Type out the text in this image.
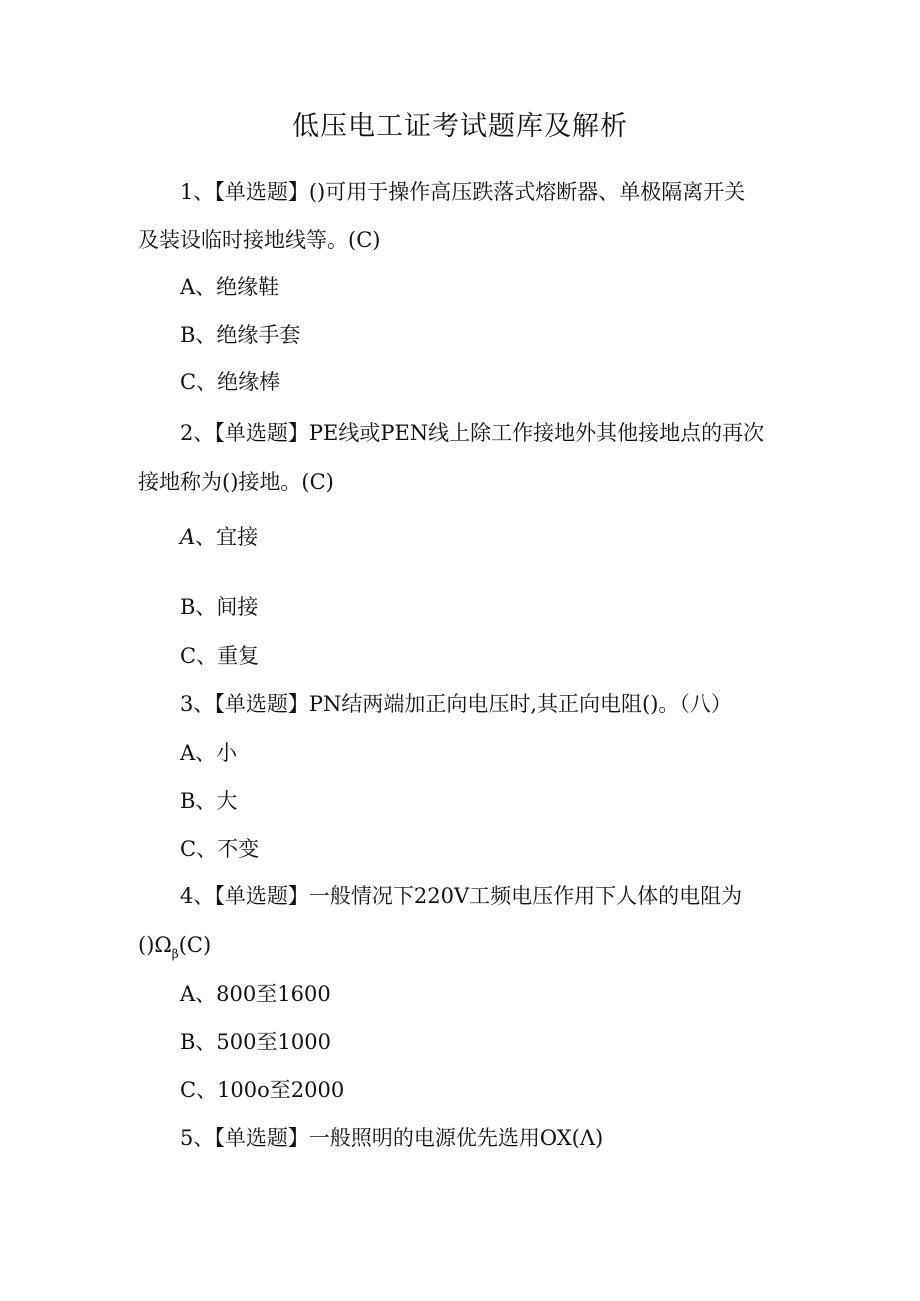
低压电工证考试题库及解析
1、【单选题】()可用于操作高压跌落式熔断器、单极隔离开关
及装设临时接地线等。(C)
A、绝缘鞋
B、绝缘手套
C、绝缘棒
2、【单选题】PE线或PEN线上除工作接地外其他接地点的再次
接地称为()接地。(C)
A、宜接
B、间接
C、重复
3、【单选题】PN结两端加正向电压时,其正向电阻()。（八）
A、小
B、大
C、不变
4、【单选题】一般情况下220V工频电压作用下人体的电阻为
$()\Omega_\beta(C)$
A、800至1600
B、500至1000
C、100o至2000
5、【单选题】一般照明的电源优先选用OX(Λ)
